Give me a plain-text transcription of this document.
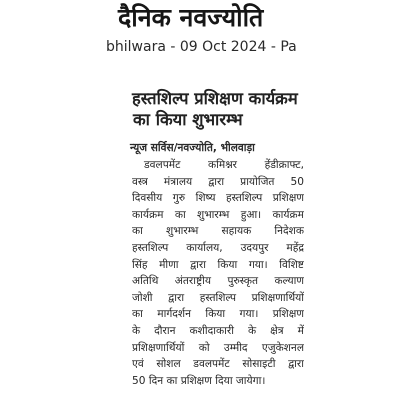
दैनिक नवज्योति
bhilwara - 09 Oct 2024 - Pa
हस्तशिल्प प्रशिक्षण कार्यक्रम
का किया शुभारम्भ
न्यूज सर्विस/नवज्योति, भीलवाड़ा
डवलपमेंट कमिश्नर हेंडीक्राफ्ट,
वस्त्र मंत्रालय द्वारा प्रायोजित 50
दिवसीय गुरु शिष्य हस्तशिल्प प्रशिक्षण
कार्यक्रम का शुभारम्भ हुआ। कार्यक्रम
का शुभारम्भ सहायक निदेशक
हस्तशिल्प कार्यालय, उदयपुर महेंद्र
सिंह मीणा द्वारा किया गया। विशिष्ट
अतिथि अंतराष्ट्रीय पुरुस्कृत कल्याण
जोशी द्वारा हस्तशिल्प प्रशिक्षणार्थियों
का मार्गदर्शन किया गया। प्रशिक्षण
के दौरान कशीदाकारी के क्षेत्र में
प्रशिक्षणार्थियों को उम्मीद एजुकेशनल
एवं सोशल डवलपमेंट सोसाइटी द्वारा
50 दिन का प्रशिक्षण दिया जायेगा।
